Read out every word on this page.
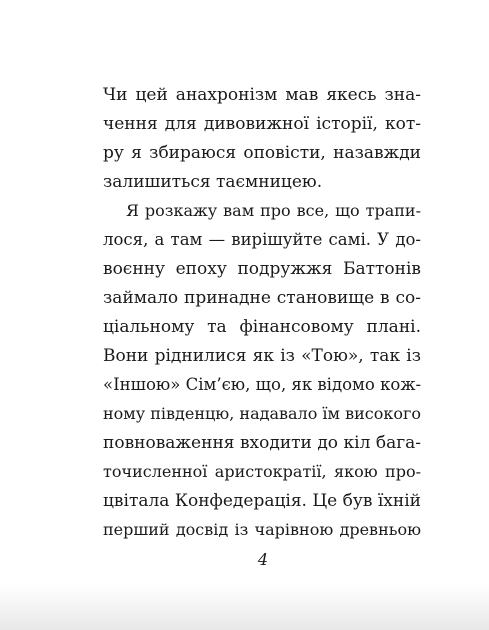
Чи цей анахронізм мав якесь зна-

чення для дивовижної історії, кот-

ру я збираюся оповісти, назавжди

залишиться таємницею.

Я розкажу вам про все, що трапи-

лося, а там — вирішуйте самі. У до-

воєнну епоху подружжя Баттонів

займало принадне становище в со-

ціальному та фінансовому плані.

Вони ріднилися як із «Тою», так із

«Іншою» Сім’єю, що, як відомо кож-

ному південцю, надавало їм високого

повноваження входити до кіл бага-

точисленної аристократії, якою про-

цвітала Конфедерація. Це був їхній

перший досвід із чарівною древньою

4
